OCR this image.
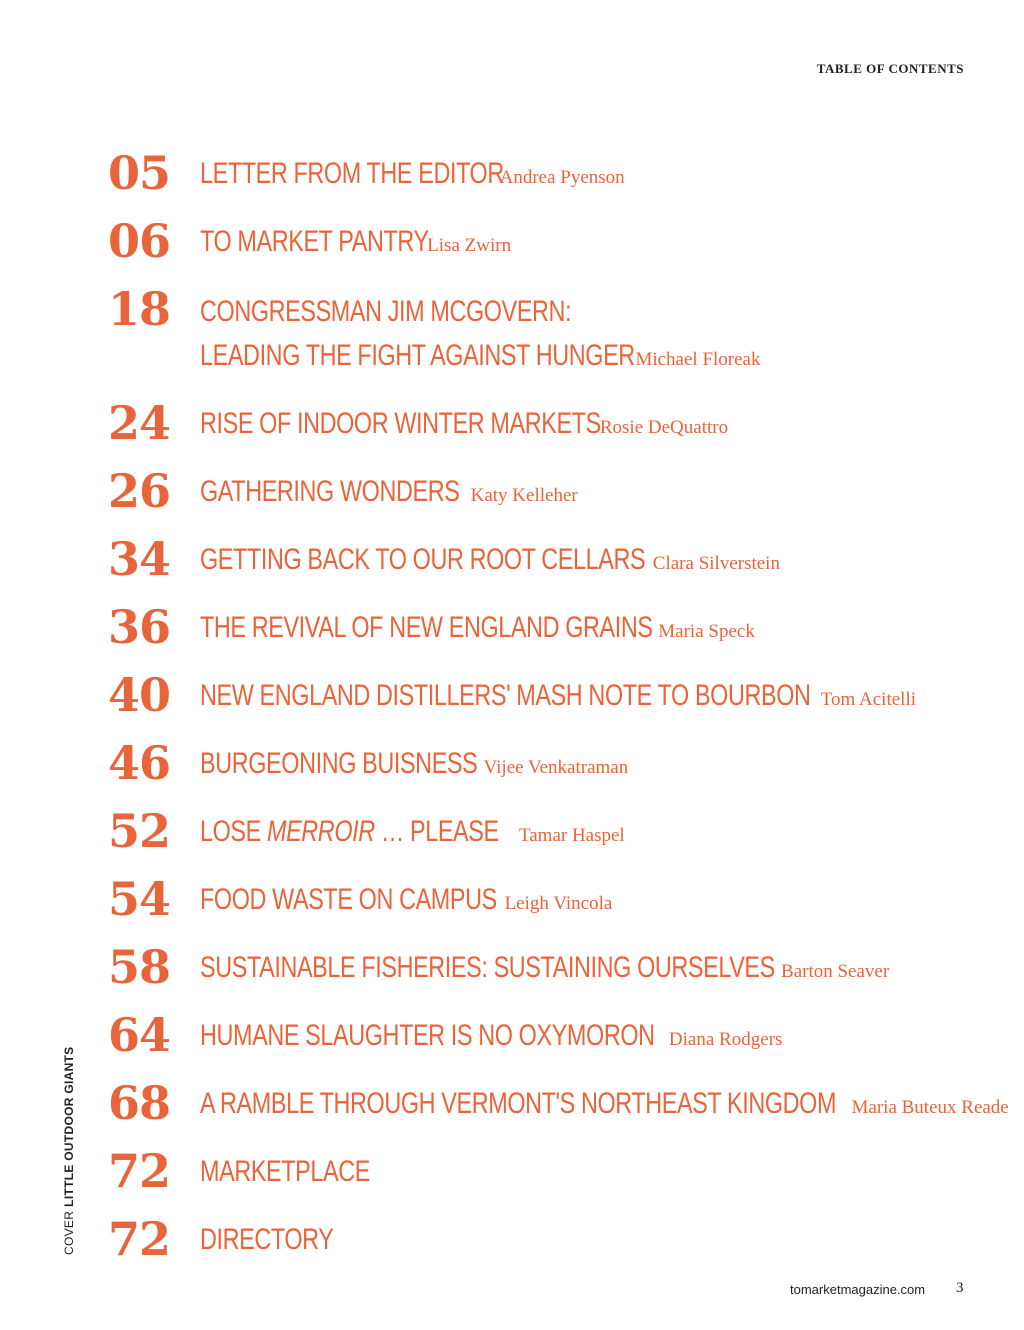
TABLE OF CONTENTS
05 LETTER FROM THE EDITORAndrea Pyenson
06 TO MARKET PANTRYLisa Zwirn
18 CONGRESSMAN JIM MCGOVERN:
LEADING THE FIGHT AGAINST HUNGERMichael Floreak
24 RISE OF INDOOR WINTER MARKETSRosie DeQuattro
26 GATHERING WONDERS Katy Kelleher
34 GETTING BACK TO OUR ROOT CELLARS Clara Silverstein
36 THE REVIVAL OF NEW ENGLAND GRAINS Maria Speck
40 NEW ENGLAND DISTILLERS' MASH NOTE TO BOURBON Tom Acitelli
46 BURGEONING BUISNESS Vijee Venkatraman
52 LOSE MERROIR … PLEASE Tamar Haspel
54 FOOD WASTE ON CAMPUS Leigh Vincola
58 SUSTAINABLE FISHERIES: SUSTAINING OURSELVES Barton Seaver
64 HUMANE SLAUGHTER IS NO OXYMORON Diana Rodgers
68 A RAMBLE THROUGH VERMONT'S NORTHEAST KINGDOM Maria Buteux Reade
72 MARKETPLACE
72 DIRECTORY
COVERLITTLE OUTDOOR GIANTS
tomarketmagazine.com 3
